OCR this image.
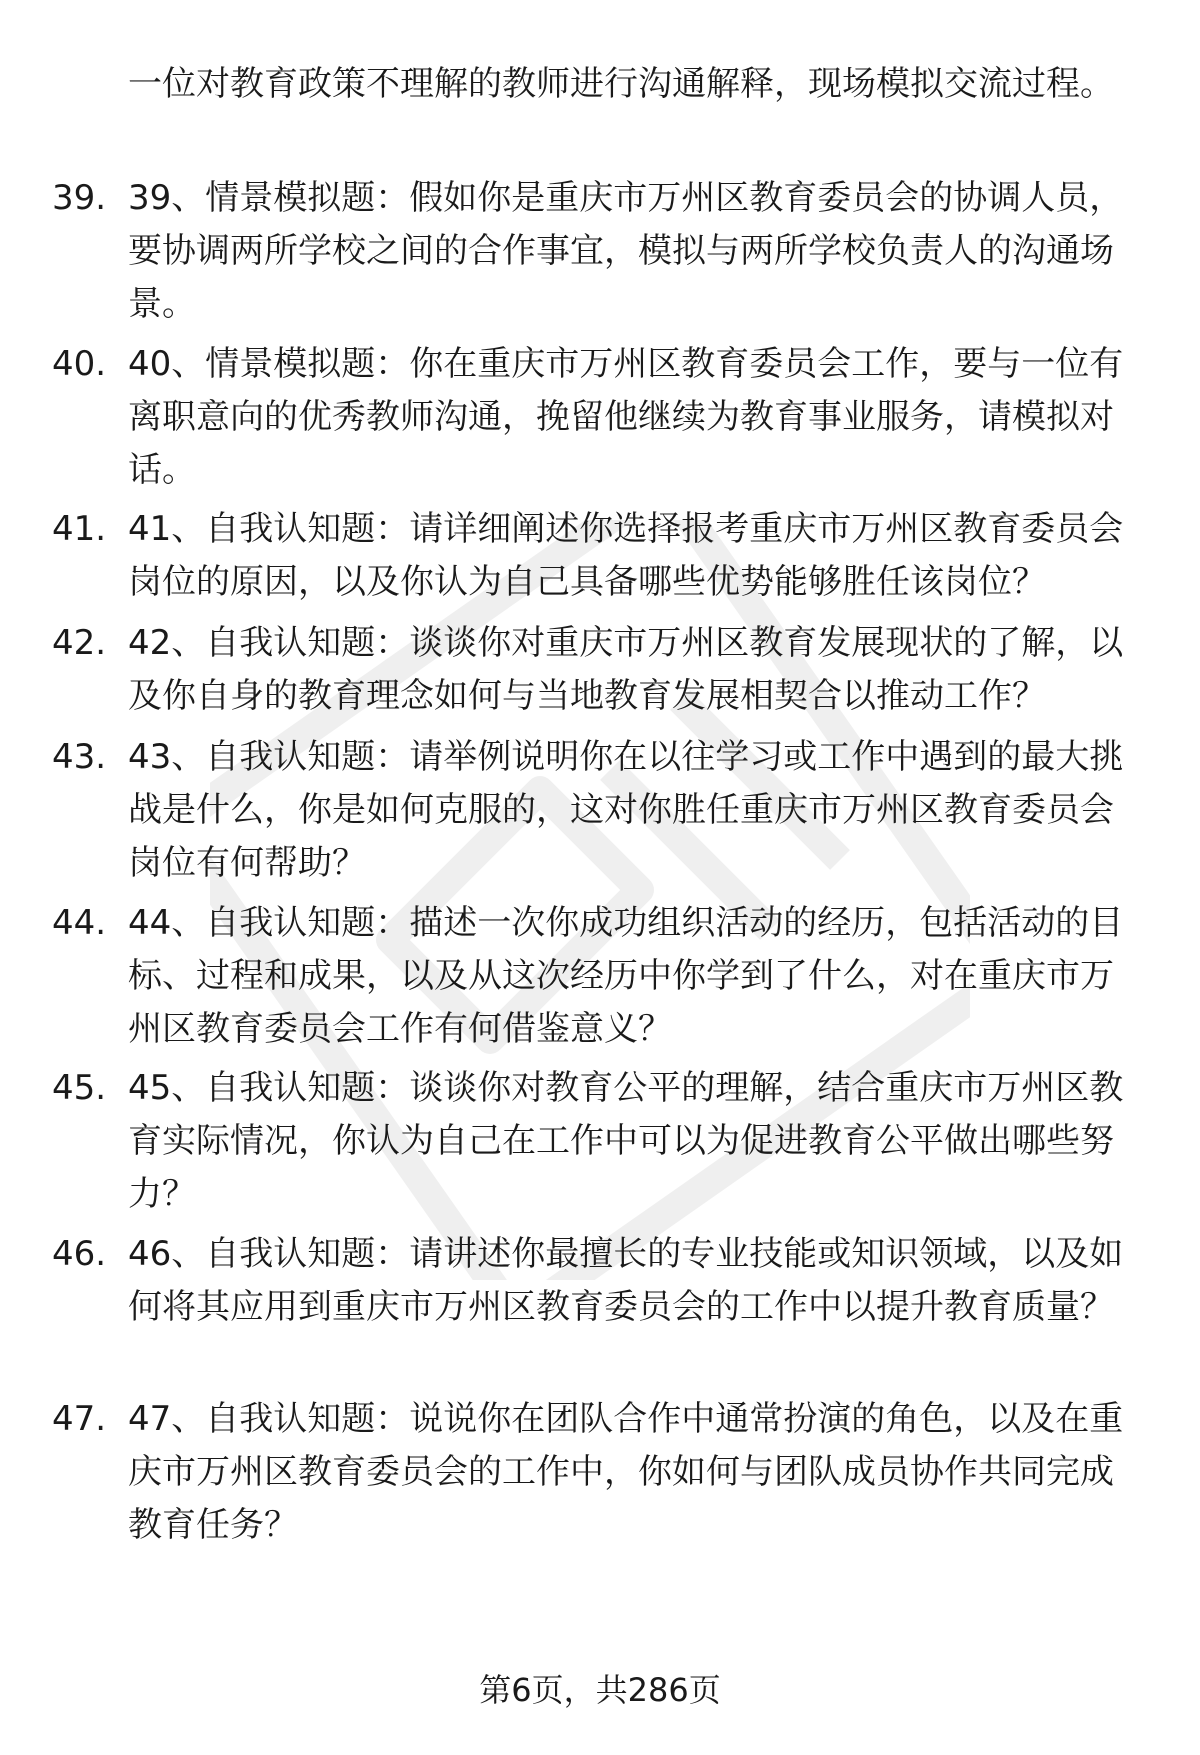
一位对教育政策不理解的教师进行沟通解释，现场模拟交流过程。

39. 39、情景模拟题：假如你是重庆市万州区教育委员会的协调人员，要协调两所学校之间的合作事宜，模拟与两所学校负责人的沟通场景。

40. 40、情景模拟题：你在重庆市万州区教育委员会工作，要与一位有离职意向的优秀教师沟通，挽留他继续为教育事业服务，请模拟对话。

41. 41、自我认知题：请详细阐述你选择报考重庆市万州区教育委员会岗位的原因，以及你认为自己具备哪些优势能够胜任该岗位？

42. 42、自我认知题：谈谈你对重庆市万州区教育发展现状的了解，以及你自身的教育理念如何与当地教育发展相契合以推动工作？

43. 43、自我认知题：请举例说明你在以往学习或工作中遇到的最大挑战是什么，你是如何克服的，这对你胜任重庆市万州区教育委员会岗位有何帮助？

44. 44、自我认知题：描述一次你成功组织活动的经历，包括活动的目标、过程和成果，以及从这次经历中你学到了什么，对在重庆市万州区教育委员会工作有何借鉴意义？

45. 45、自我认知题：谈谈你对教育公平的理解，结合重庆市万州区教育实际情况，你认为自己在工作中可以为促进教育公平做出哪些努力？

46. 46、自我认知题：请讲述你最擅长的专业技能或知识领域，以及如何将其应用到重庆市万州区教育委员会的工作中以提升教育质量？

47. 47、自我认知题：说说你在团队合作中通常扮演的角色，以及在重庆市万州区教育委员会的工作中，你如何与团队成员协作共同完成教育任务？

第6页，共286页
